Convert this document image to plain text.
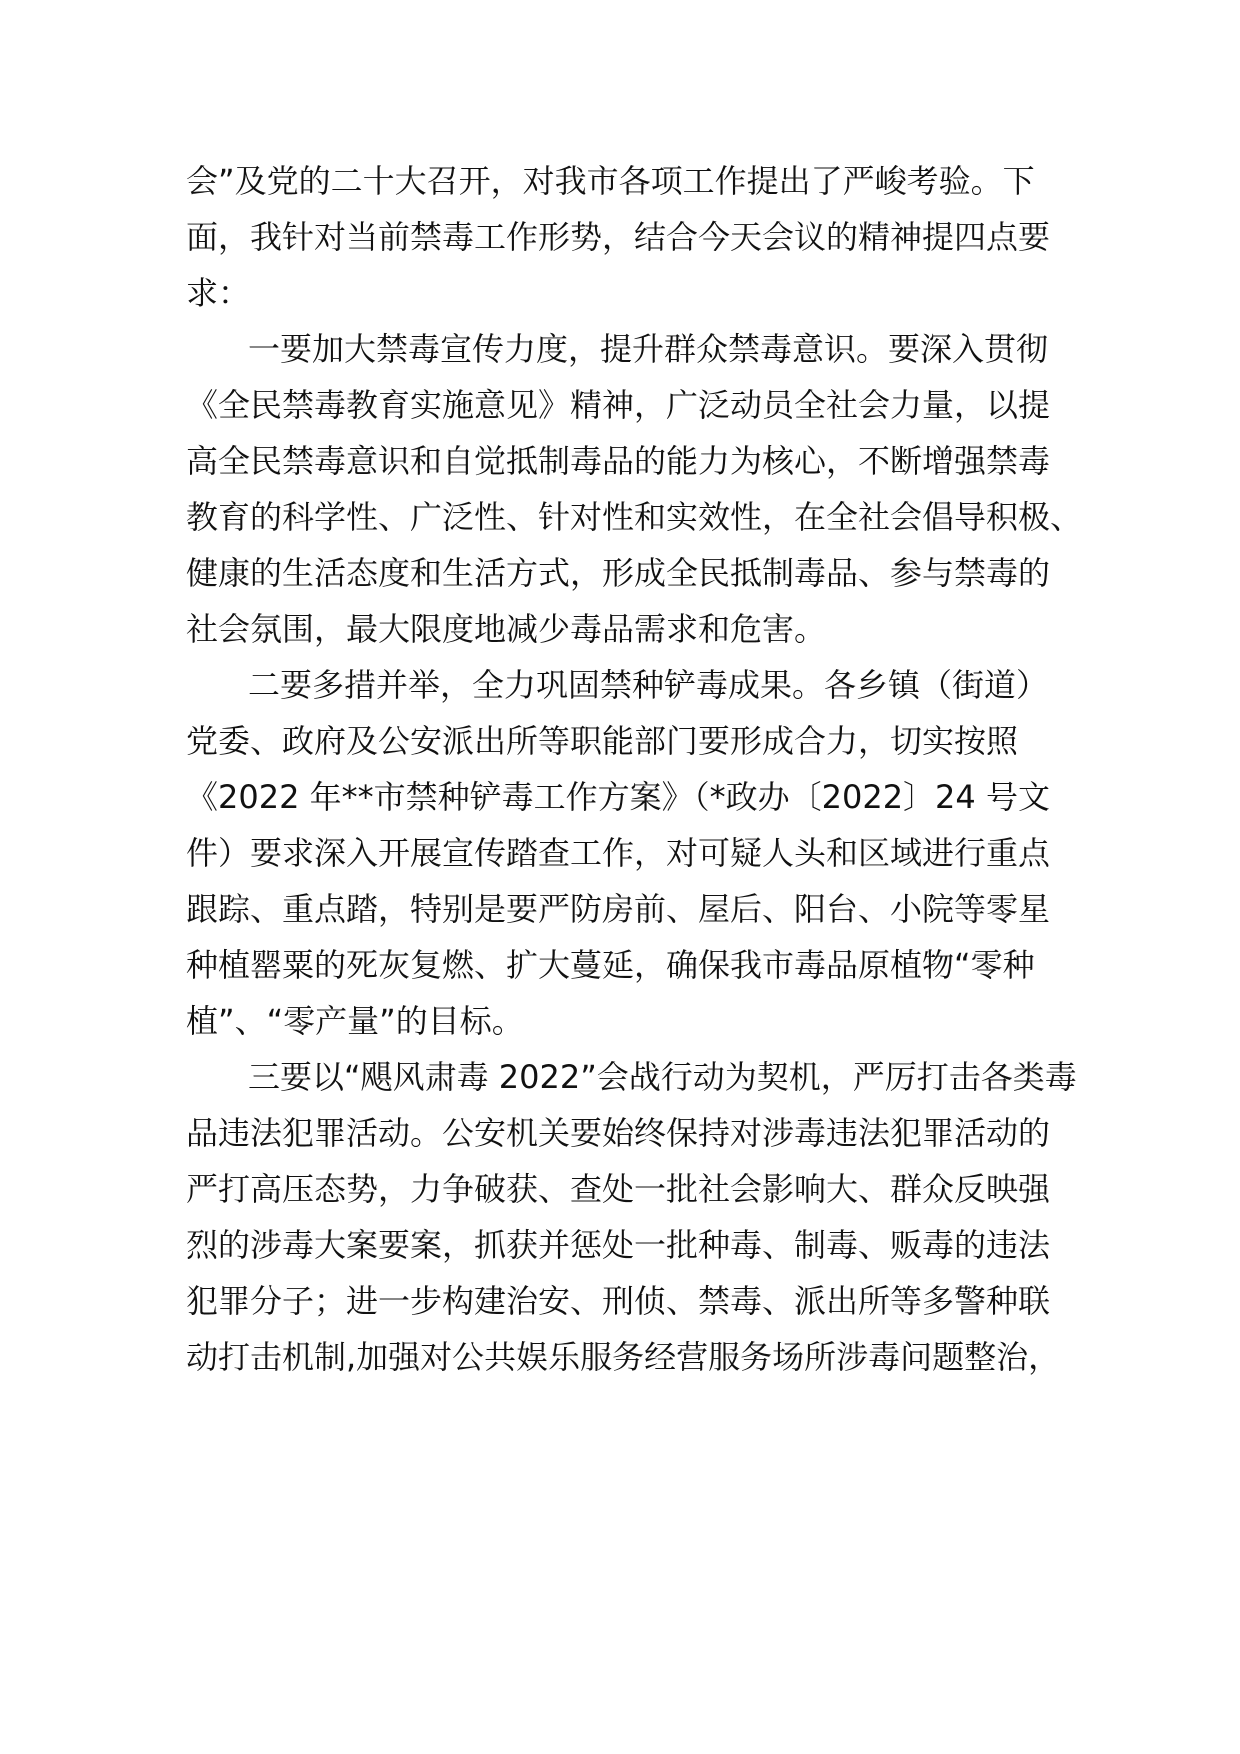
会”及党的二十大召开，对我市各项工作提出了严峻考验。下
面，我针对当前禁毒工作形势，结合今天会议的精神提四点要
求：
一要加大禁毒宣传力度，提升群众禁毒意识。要深入贯彻
《全民禁毒教育实施意见》精神，广泛动员全社会力量，以提
高全民禁毒意识和自觉抵制毒品的能力为核心，不断增强禁毒
教育的科学性、广泛性、针对性和实效性，在全社会倡导积极、
健康的生活态度和生活方式，形成全民抵制毒品、参与禁毒的
社会氛围，最大限度地减少毒品需求和危害。
二要多措并举，全力巩固禁种铲毒成果。各乡镇（街道）
党委、政府及公安派出所等职能部门要形成合力，切实按照
《2022 年**市禁种铲毒工作方案》（*政办〔2022〕24 号文
件）要求深入开展宣传踏查工作，对可疑人头和区域进行重点
跟踪、重点踏，特别是要严防房前、屋后、阳台、小院等零星
种植罂粟的死灰复燃、扩大蔓延，确保我市毒品原植物“零种
植”、“零产量”的目标。
三要以“飓风肃毒 2022”会战行动为契机，严厉打击各类毒
品违法犯罪活动。公安机关要始终保持对涉毒违法犯罪活动的
严打高压态势，力争破获、查处一批社会影响大、群众反映强
烈的涉毒大案要案，抓获并惩处一批种毒、制毒、贩毒的违法
犯罪分子；进一步构建治安、刑侦、禁毒、派出所等多警种联
动打击机制,加强对公共娱乐服务经营服务场所涉毒问题整治，
